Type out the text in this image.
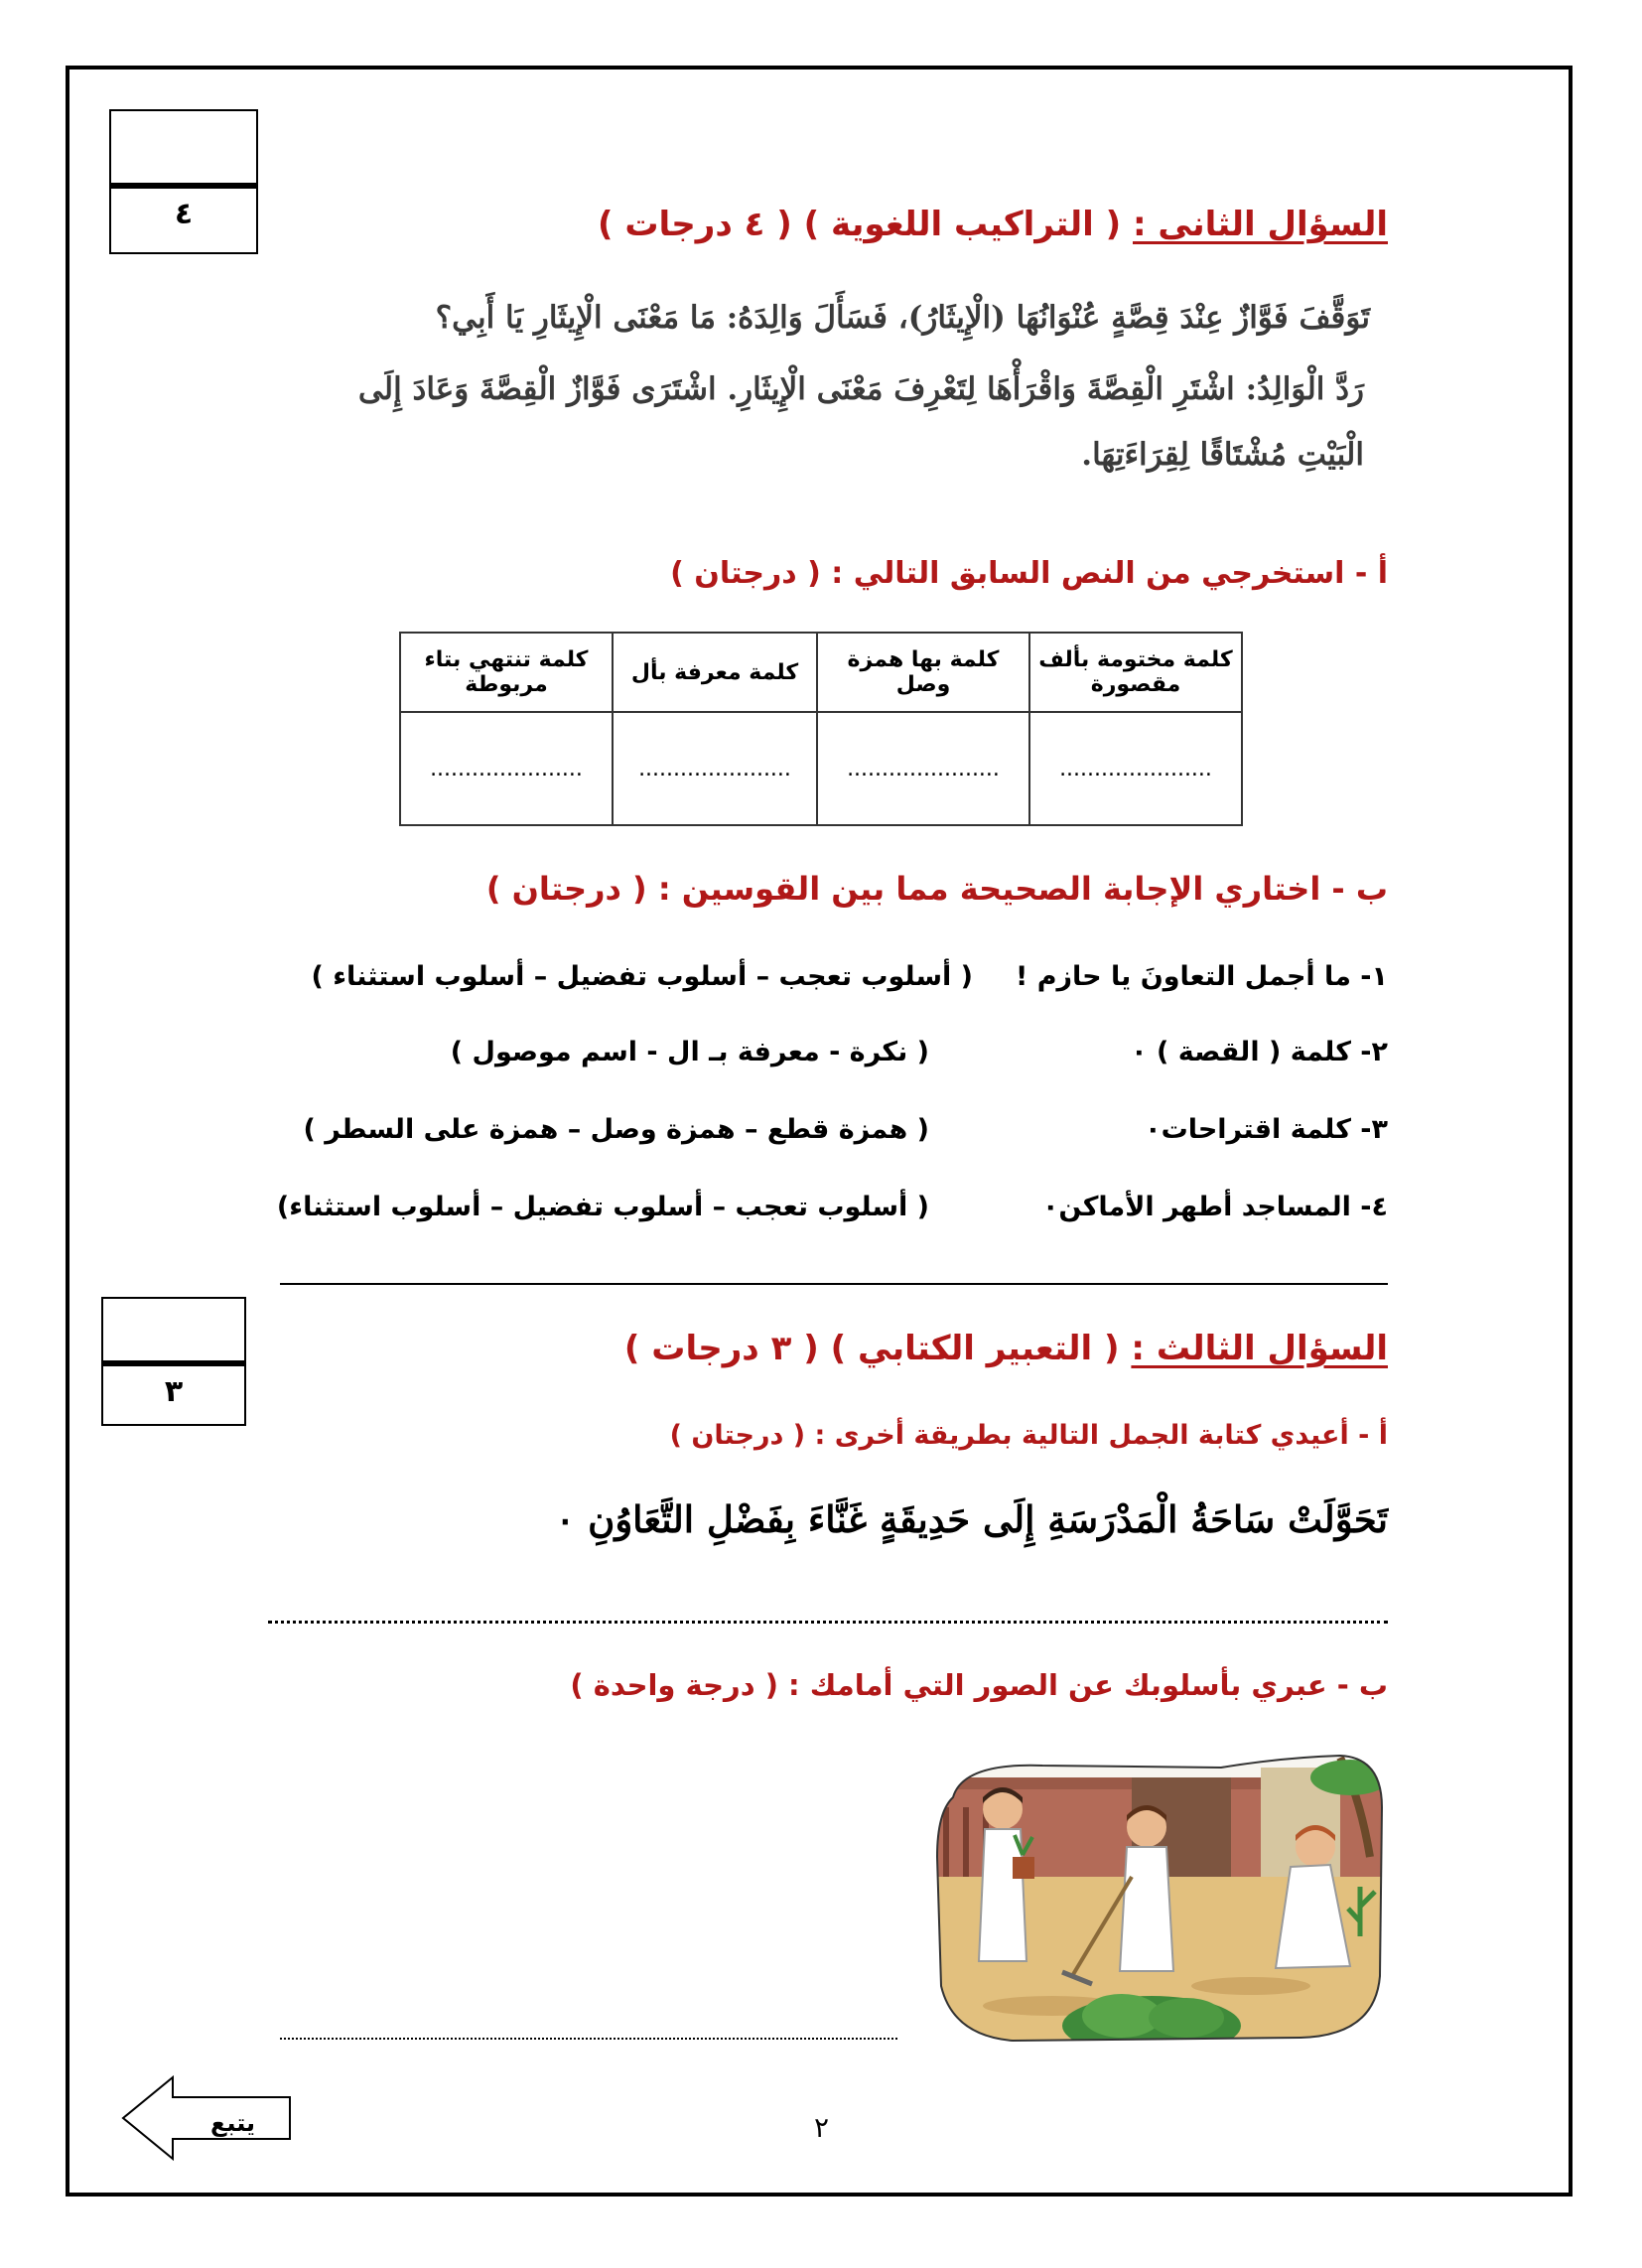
٤	السؤال الثانى : ( التراكيب اللغوية ) ( ٤ درجات )
تَوَقَّفَ فَوَّازٌ عِنْدَ قِصَّةٍ عُنْوَانُهَا (الْإِيثَارُ)، فَسَأَلَ وَالِدَهُ: مَا مَعْنَى الْإِيثَارِ يَا أَبِي؟
رَدَّ الْوَالِدُ: اشْتَرِ الْقِصَّةَ وَاقْرَأْهَا لِتَعْرِفَ مَعْنَى الْإِيثَارِ. اشْتَرَى فَوَّازٌ الْقِصَّةَ وَعَادَ إِلَى
الْبَيْتِ مُشْتَاقًا لِقِرَاءَتِهَا.
أ - استخرجي من النص السابق التالي : ( درجتان )
كلمة مختومة بألف مقصورة	كلمة بها همزة وصل	كلمة معرفة بأل	كلمة تنتهي بتاء مربوطة
......................	......................	......................	......................
ب - اختاري الإجابة الصحيحة مما بين القوسين : ( درجتان )
١- ما أجمل التعاونَ يا حازم !
( أسلوب تعجب – أسلوب تفضيل – أسلوب استثناء )
٢- كلمة ( القصة ) ٠
( نكرة - معرفة بـ ال - اسم موصول )
٣- كلمة اقتراحات٠
( همزة قطع – همزة وصل – همزة على السطر )
٤- المساجد أطهر الأماكن٠
( أسلوب تعجب – أسلوب تفضيل – أسلوب استثناء)
٣
السؤال الثالث : ( التعبير الكتابي ) ( ٣ درجات )
أ - أعيدي كتابة الجمل التالية بطريقة أخرى : ( درجتان )
تَحَوَّلَتْ سَاحَةُ الْمَدْرَسَةِ إِلَى حَدِيقَةٍ غَنَّاءَ بِفَضْلِ التَّعَاوُنِ ٠
ب - عبري بأسلوبك عن الصور التي أمامك : ( درجة واحدة )
يتبع	٢
